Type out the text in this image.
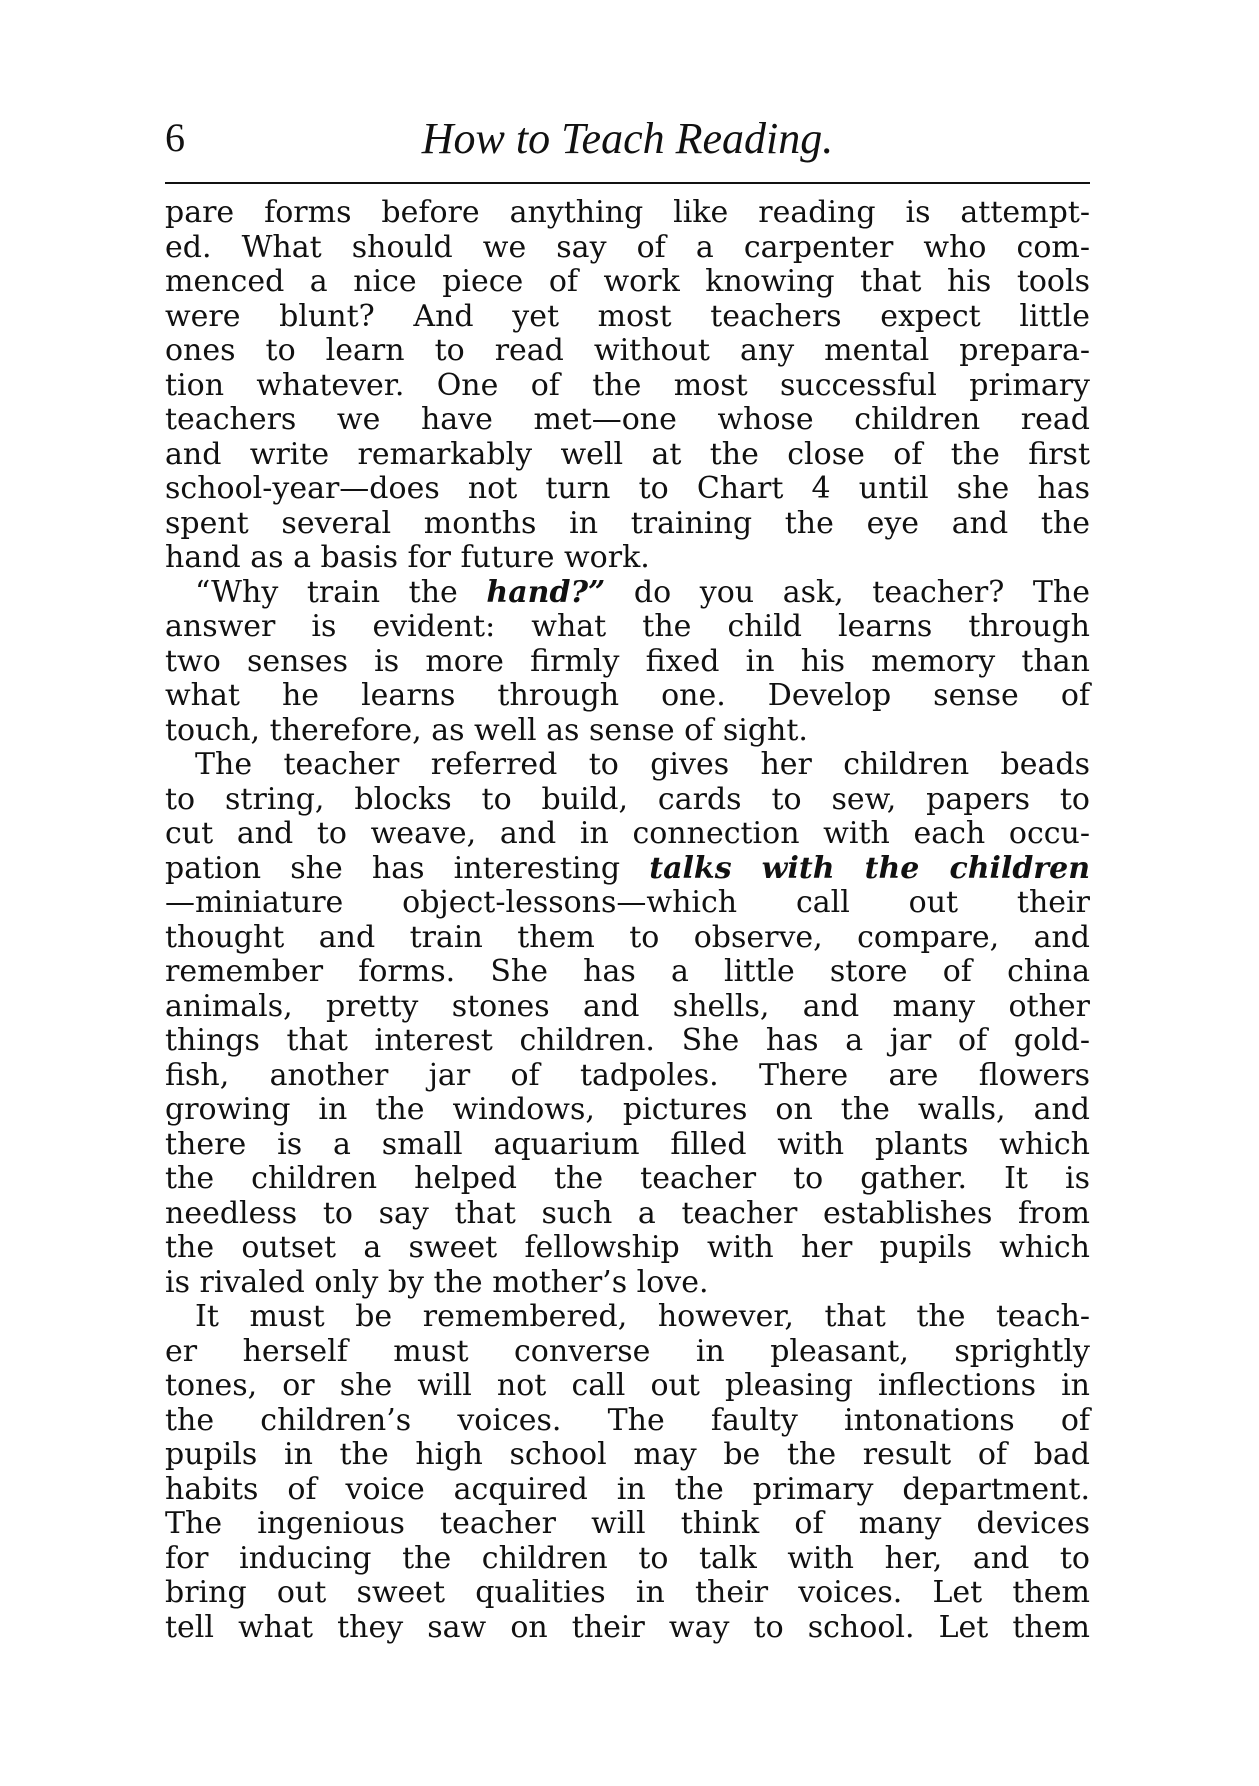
6	How to Teach Reading.
pare forms before anything like reading is attempt-
ed. What should we say of a carpenter who com-
menced a nice piece of work knowing that his tools
were blunt? And yet most teachers expect little
ones to learn to read without any mental prepara-
tion whatever. One of the most successful primary
teachers we have met—one whose children read
and write remarkably well at the close of the first
school-year—does not turn to Chart 4 until she has
spent several months in training the eye and the
hand as a basis for future work.
“Why train the hand?” do you ask, teacher? The
answer is evident: what the child learns through
two senses is more firmly fixed in his memory than
what he learns through one. Develop sense of
touch, therefore, as well as sense of sight.
The teacher referred to gives her children beads
to string, blocks to build, cards to sew, papers to
cut and to weave, and in connection with each occu-
pation she has interesting talks with the children
—miniature object-lessons—which call out their
thought and train them to observe, compare, and
remember forms. She has a little store of china
animals, pretty stones and shells, and many other
things that interest children. She has a jar of gold-
fish, another jar of tadpoles. There are flowers
growing in the windows, pictures on the walls, and
there is a small aquarium filled with plants which
the children helped the teacher to gather. It is
needless to say that such a teacher establishes from
the outset a sweet fellowship with her pupils which
is rivaled only by the mother’s love.
It must be remembered, however, that the teach-
er herself must converse in pleasant, sprightly
tones, or she will not call out pleasing inflections in
the children’s voices. The faulty intonations of
pupils in the high school may be the result of bad
habits of voice acquired in the primary department.
The ingenious teacher will think of many devices
for inducing the children to talk with her, and to
bring out sweet qualities in their voices. Let them
tell what they saw on their way to school. Let them
